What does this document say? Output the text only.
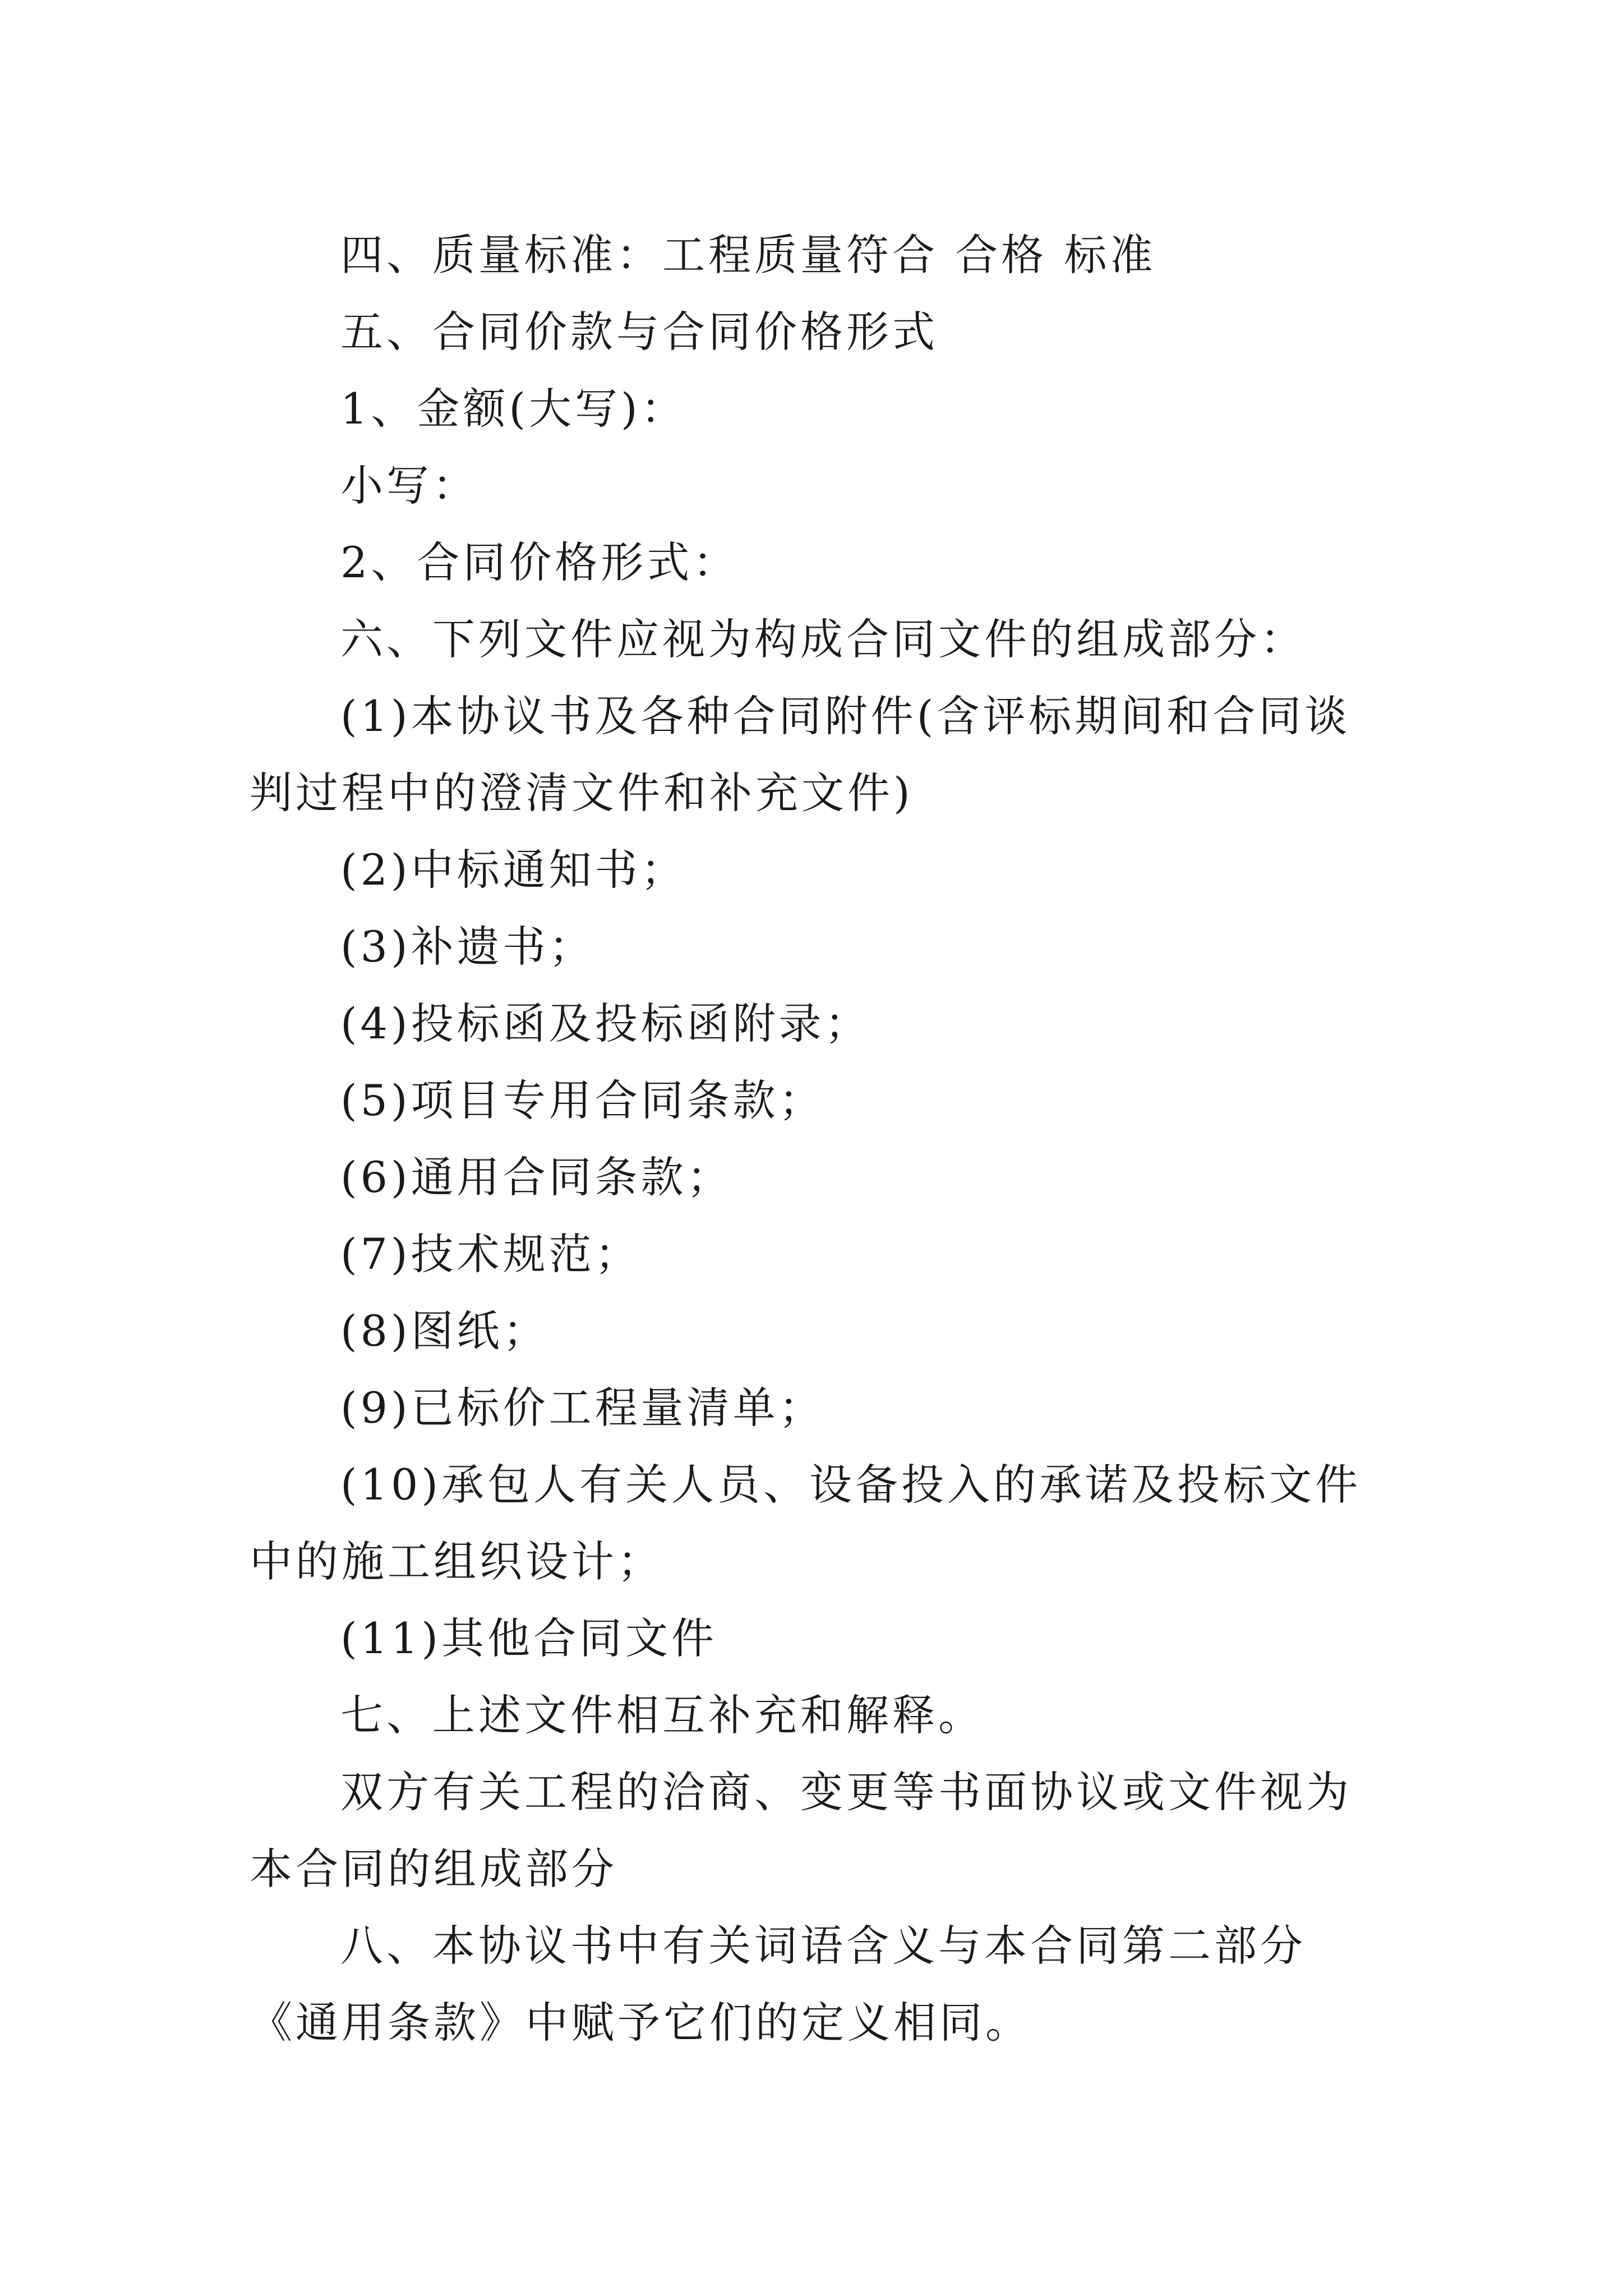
四、质量标准：工程质量符合 合格 标准

五、合同价款与合同价格形式

1、金额(大写)：

小写：

2、合同价格形式：

六、下列文件应视为构成合同文件的组成部分：

(1)本协议书及各种合同附件(含评标期间和合同谈判过程中的澄清文件和补充文件)

(2)中标通知书；

(3)补遗书；

(4)投标函及投标函附录；

(5)项目专用合同条款；

(6)通用合同条款；

(7)技术规范；

(8)图纸；

(9)已标价工程量清单；

(10)承包人有关人员、设备投入的承诺及投标文件中的施工组织设计；

(11)其他合同文件

七、上述文件相互补充和解释。

双方有关工程的洽商、变更等书面协议或文件视为本合同的组成部分

八、本协议书中有关词语含义与本合同第二部分《通用条款》中赋予它们的定义相同。
